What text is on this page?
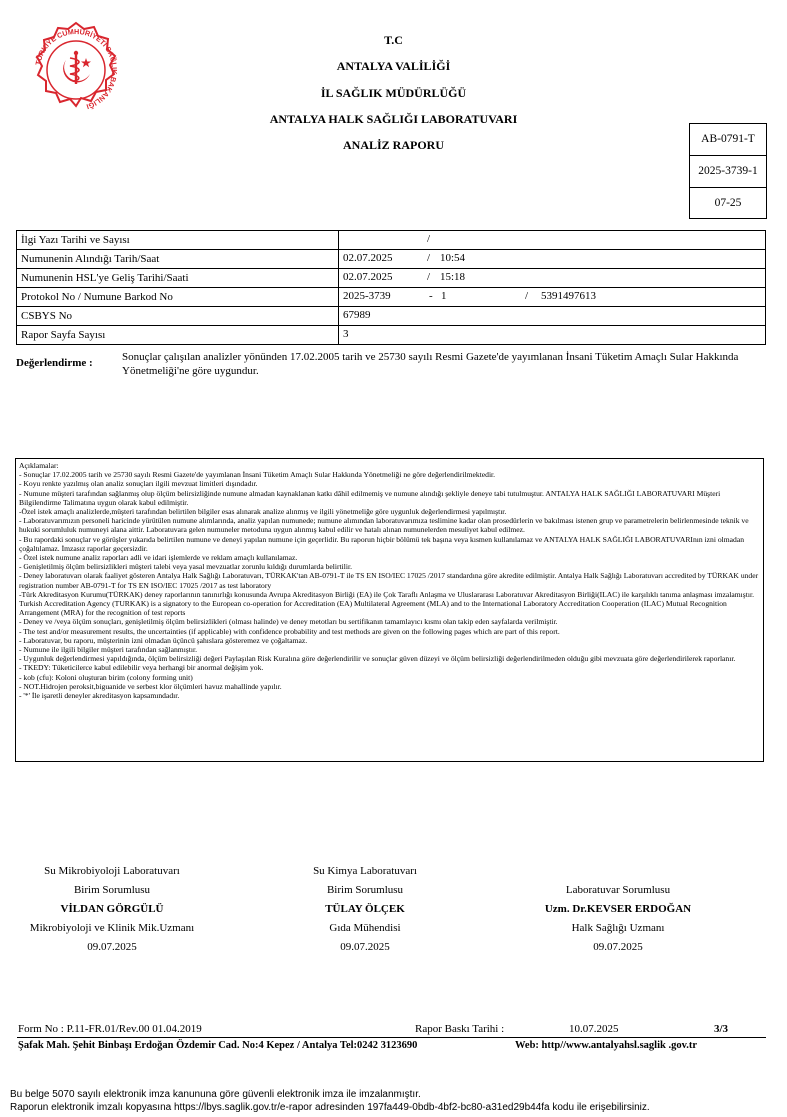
TÜRKİYE CUMHURİYETİ SAĞLIK BAKANLIĞI
T.C
ANTALYA VALİLİĞİ
İL SAĞLIK MÜDÜRLÜĞÜ
ANTALYA HALK SAĞLIĞI LABORATUVARI
ANALİZ RAPORU	AB-0791-T
2025-3739-1
07-25
İlgi Yazı Tarihi ve Sayısı	/

Numunenin Alındığı Tarih/Saat	02.07.2025 / 10:54

Numunenin HSL'ye Geliş Tarihi/Saati	02.07.2025 / 15:18

Protokol No / Numune Barkod No	2025-3739 - 1 / 5391497613

CSBYS No	67989

Rapor Sayfa Sayısı	3
Değerlendirme :	Sonuçlar çalışılan analizler yönünden 17.02.2005 tarih ve 25730 sayılı Resmi Gazete'de yayımlanan İnsani Tüketim Amaçlı Sular Hakkında Yönetmeliği'ne göre uygundur.

Açıklamalar:

- Sonuçlar 17.02.2005 tarih ve 25730 sayılı Resmi Gazete'de yayımlanan İnsani Tüketim Amaçlı Sular Hakkında Yönetmeliği ne göre değerlendirilmektedir.

- Koyu renkte yazılmış olan analiz sonuçları ilgili mevzuat limitleri dışındadır.

- Numune müşteri tarafından sağlanmış olup ölçüm belirsizliğinde numune almadan kaynaklanan katkı dâhil edilmemiş ve numune alındığı şekliyle deneye tabi tutulmuştur. ANTALYA HALK SAĞLIĞI LABORATUVARI Müşteri Bilgilendirme Talimatına uygun olarak kabul edilmiştir.

-Özel istek amaçlı analizlerde,müşteri tarafından belirtilen bilgiler esas alınarak analize alınmış ve ilgili yönetmeliğe göre uygunluk değerlendirmesi yapılmıştır.

- Laboratuvarımızın personeli haricinde yürütülen numune alımlarında, analiz yapılan numunede; numune alımından laboratuvarımıza teslimine kadar olan prosedürlerin ve bakılması istenen grup ve parametrelerin belirlenmesinde teknik ve hukuki sorumluluk numuneyi alana aittir. Laboratuvara gelen numuneler metoduna uygun alınmış kabul edilir ve hatalı alınan numunelerden mesuliyet kabul edilmez.

- Bu rapordaki sonuçlar ve görüşler yukarıda belirtilen numune ve deneyi yapılan numune için geçerlidir. Bu raporun hiçbir bölümü tek başına veya kısmen kullanılamaz ve ANTALYA HALK SAĞLIĞI LABORATUVARInın izni olmadan çoğaltılamaz. İmzasız raporlar geçersizdir.

- Özel istek numune analiz raporları adli ve idari işlemlerde ve reklam amaçlı kullanılamaz.

- Genişletilmiş ölçüm belirsizlikleri müşteri talebi veya yasal mevzuatlar zorunlu kıldığı durumlarda belirtilir.

- Deney laboratuvarı olarak faaliyet gösteren Antalya Halk Sağlığı Laboratuvarı, TÜRKAK'tan AB-0791-T ile TS EN ISO/IEC 17025 /2017 standardına göre akredite edilmiştir. Antalya Halk Sağlığı Laboratuvarı accredited by TÜRKAK under registration number AB-0791-T for TS EN ISO/IEC 17025 /2017 as test laboratory

-Türk Akreditasyon Kurumu(TÜRKAK) deney raporlarının tanınırlığı konusunda Avrupa Akreditasyon Birliği (EA) ile Çok Taraflı Anlaşma ve Uluslararası Laboratuvar Akreditasyon Birliği(ILAC) ile karşılıklı tanıma anlaşması imzalamıştır. Turkish Accreditation Agency (TURKAK) is a signatory to the European co-operation for Accreditation (EA) Multilateral Agreement (MLA) and to the International Laboratory Accreditation Cooperation (ILAC) Mutual Recognition Arrangement (MRA) for the recognition of test reports

- Deney ve /veya ölçüm sonuçları, genişletilmiş ölçüm belirsizlikleri (olması halinde) ve deney metotları bu sertifikanın tamamlayıcı kısmı olan takip eden sayfalarda verilmiştir.

- The test and/or measurement results, the uncertainties (if applicable) with confidence probability and test methods are given on the following pages which are part of this report.

- Laboratuvar, bu raporu, müşterinin izni olmadan üçüncü şahıslara gösteremez ve çoğaltamaz.

- Numune ile ilgili bilgiler müşteri tarafından sağlanmıştır.

- Uygunluk değerlendirmesi yapıldığında, ölçüm belirsizliği değeri Paylaşılan Risk Kuralına göre değerlendirilir ve sonuçlar güven düzeyi ve ölçüm belirsizliği değerlendirilmeden olduğu gibi mevzuata göre değerlendirilerek raporlanır.

- TKEDY: Tüketicilerce kabul edilebilir veya herhangi bir anormal değişim yok.

- kob (cfu): Koloni oluşturan birim (colony forming unit)

- NOT.Hidrojen peroksit,biguanide ve serbest klor ölçümleri havuz mahallinde yapılır.

- '*' İle işaretli deneyler akreditasyon kapsamındadır.

Su Mikrobiyoloji Laboratuvarı
Birim Sorumlusu
VİLDAN GÖRGÜLÜ
Mikrobiyoloji ve Klinik Mik.Uzmanı
09.07.2025
Su Kimya Laboratuvarı
Birim Sorumlusu
TÜLAY ÖLÇEK
Gıda Mühendisi
09.07.2025
Laboratuvar Sorumlusu
Uzm. Dr.KEVSER ERDOĞAN
Halk Sağlığı Uzmanı
09.07.2025
Form No : P.11-FR.01/Rev.00 01.04.2019	Rapor Baskı Tarihi :	10.07.2025	3/3
Şafak Mah. Şehit Binbaşı Erdoğan Özdemir Cad. No:4 Kepez / Antalya Tel:0242 3123690	Web: http//www.antalyahsl.saglik .gov.tr
Bu belge 5070 sayılı elektronik imza kanununa göre güvenli elektronik imza ile imzalanmıştır.
Raporun elektronik imzalı kopyasına https://lbys.saglik.gov.tr/e-rapor adresinden 197fa449-0bdb-4bf2-bc80-a31ed29b44fa kodu ile erişebilirsiniz.
